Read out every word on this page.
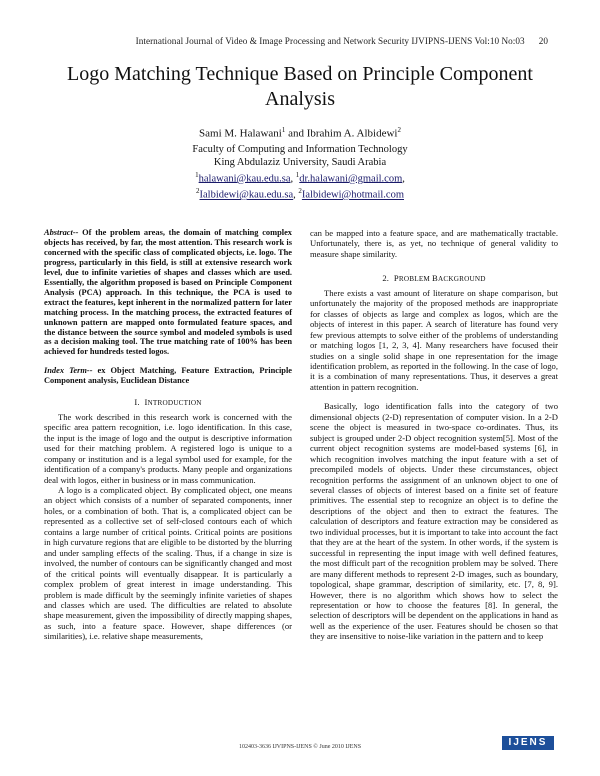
International Journal of Video & Image Processing and Network Security IJVIPNS-IJENS Vol:10 No:03 20
Logo Matching Technique Based on Principle Component Analysis
Sami M. Halawani$^1$ and Ibrahim A. Albidewi$^2$
Faculty of Computing and Information Technology
King Abdulaziz University, Saudi Arabia
$^1$halawani@kau.edu.sa, $^1$dr.halawani@gmail.com,
$^2$Ialbidewi@kau.edu.sa, $^2$Ialbidewi@hotmail.com

Abstract-- Of the problem areas, the domain of matching complex objects has received, by far, the most attention. This research work is concerned with the specific class of complicated objects, i.e. logo. The progress, particularly in this field, is still at extensive research work level, due to infinite varieties of shapes and classes which are used. Essentially, the algorithm proposed is based on Principle Component Analysis (PCA) approach. In this technique, the PCA is used to extract the features, kept inherent in the normalized pattern for later matching process. In the matching process, the extracted features of unknown pattern are mapped onto formulated feature spaces, and the distance between the source symbol and modeled symbols is used as a decision making tool. The true matching rate of 100% has been achieved for hundreds tested logos.

Index Term-- ex Object Matching, Feature Extraction, Principle Component analysis, Euclidean Distance

I. INTRODUCTION

The work described in this research work is concerned with the specific area pattern recognition, i.e. logo identification. In this case, the input is the image of logo and the output is descriptive information used for their matching problem. A registered logo is unique to a company or institution and is a legal symbol used for example, for the identification of a company's products. Many people and organizations deal with logos, either in business or in mass communication.

A logo is a complicated object. By complicated object, one means an object which consists of a number of separated components, inner holes, or a combination of both. That is, a complicated object can be represented as a collective set of self-closed contours each of which contains a large number of critical points. Critical points are positions in high curvature regions that are eligible to be distorted by the blurring and under sampling effects of the scaling. Thus, if a change in size is involved, the number of contours can be significantly changed and most of the critical points will eventually disappear. It is particularly a complex problem of great interest in image understanding. This problem is made difficult by the seemingly infinite varieties of shapes and classes which are used. The difficulties are related to absolute shape measurement, given the impossibility of directly mapping shapes, as such, into a feature space. However, shape differences (or similarities), i.e. relative shape measurements,

can be mapped into a feature space, and are mathematically tractable. Unfortunately, there is, as yet, no technique of general validity to measure shape similarity.

2. PROBLEM BACKGROUND

There exists a vast amount of literature on shape comparison, but unfortunately the majority of the proposed methods are inappropriate for classes of objects as large and complex as logos, which are the objects of interest in this paper. A search of literature has found very few previous attempts to solve either of the problems of understanding or matching logos [1, 2, 3, 4]. Many researchers have focused their studies on a single solid shape in one representation for the image identification problem, as reported in the following. In the case of logo, it is a combination of many representations. Thus, it deserves a great attention in pattern recognition.

Basically, logo identification falls into the category of two dimensional objects (2-D) representation of computer vision. In a 2-D scene the object is measured in two-space co-ordinates. Thus, its subject is grouped under 2-D object recognition system[5]. Most of the current object recognition systems are model-based systems [6], in which recognition involves matching the input feature with a set of precompiled models of objects. Under these circumstances, object recognition performs the assignment of an unknown object to one of several classes of objects of interest based on a finite set of feature primitives. The essential step to recognize an object is to define the descriptions of the object and then to extract the features. The calculation of descriptors and feature extraction may be considered as two individual processes, but it is important to take into account the fact that they are at the heart of the system. In other words, if the system is successful in representing the input image with well defined features, the most difficult part of the recognition problem may be solved. There are many different methods to represent 2-D images, such as boundary, topological, shape grammar, description of similarity, etc. [7, 8, 9]. However, there is no algorithm which shows how to select the representation or how to choose the features [8]. In general, the selection of descriptors will be dependent on the applications in hand as well as the experience of the user. Features should be chosen so that they are insensitive to noise-like variation in the pattern and to keep

102403-3636 IJVIPNS-IJENS © June 2010 IJENS	IJENS
